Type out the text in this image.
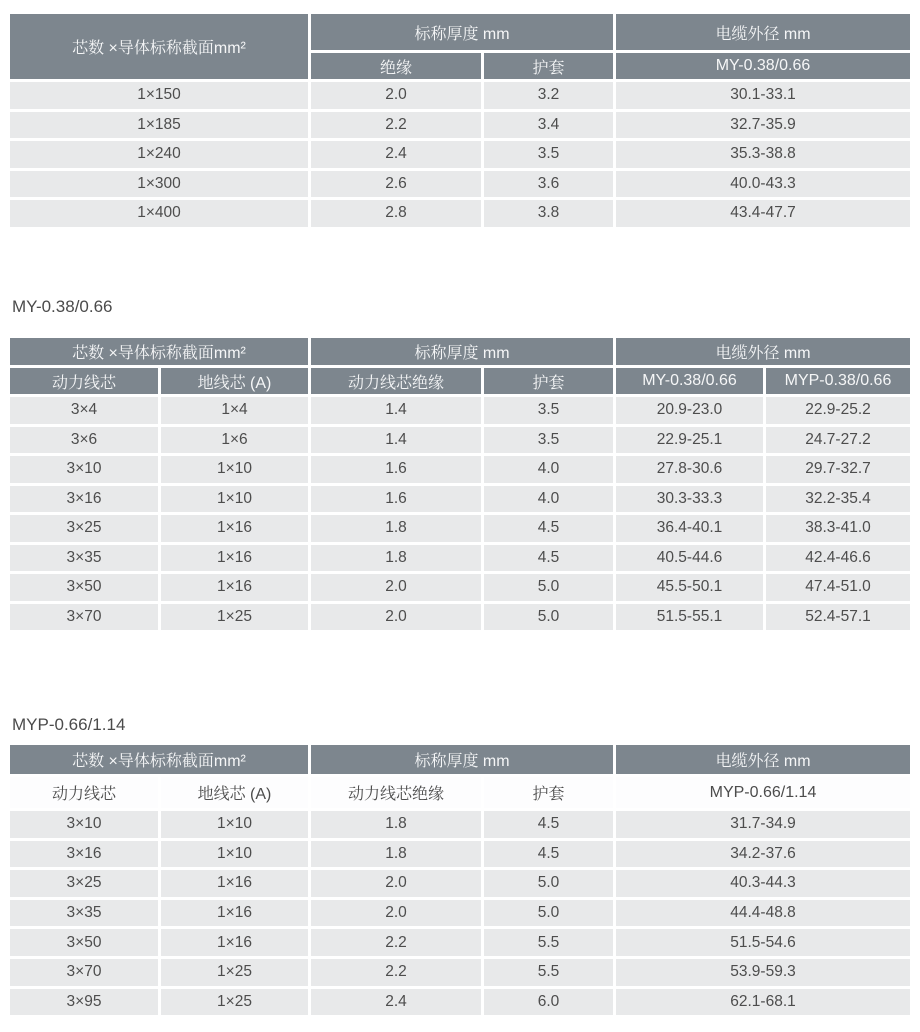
芯数 ×导体标称截面mm²
标称厚度 mm	电缆外径 mm
绝缘	护套	MY-0.38/0.66
1×150	2.0	3.2	30.1-33.1
1×185	2.2	3.4	32.7-35.9
1×240	2.4	3.5	35.3-38.8
1×300	2.6	3.6	40.0-43.3
1×400	2.8	3.8	43.4-47.7
MY-0.38/0.66
芯数 ×导体标称截面mm²	标称厚度 mm	电缆外径 mm
动力线芯	地线芯 (A)	动力线芯绝缘	护套	MY-0.38/0.66	MYP-0.38/0.66
3×4	1×4	1.4	3.5	20.9-23.0	22.9-25.2
3×6	1×6	1.4	3.5	22.9-25.1	24.7-27.2
3×10	1×10	1.6	4.0	27.8-30.6	29.7-32.7
3×16	1×10	1.6	4.0	30.3-33.3	32.2-35.4
3×25	1×16	1.8	4.5	36.4-40.1	38.3-41.0
3×35	1×16	1.8	4.5	40.5-44.6	42.4-46.6
3×50	1×16	2.0	5.0	45.5-50.1	47.4-51.0
3×70	1×25	2.0	5.0	51.5-55.1	52.4-57.1
MYP-0.66/1.14
芯数 ×导体标称截面mm²	标称厚度 mm	电缆外径 mm
动力线芯	地线芯 (A)	动力线芯绝缘	护套	MYP-0.66/1.14
3×10	1×10	1.8	4.5	31.7-34.9
3×16	1×10	1.8	4.5	34.2-37.6
3×25	1×16	2.0	5.0	40.3-44.3
3×35	1×16	2.0	5.0	44.4-48.8
3×50	1×16	2.2	5.5	51.5-54.6
3×70	1×25	2.2	5.5	53.9-59.3
3×95	1×25	2.4	6.0	62.1-68.1
